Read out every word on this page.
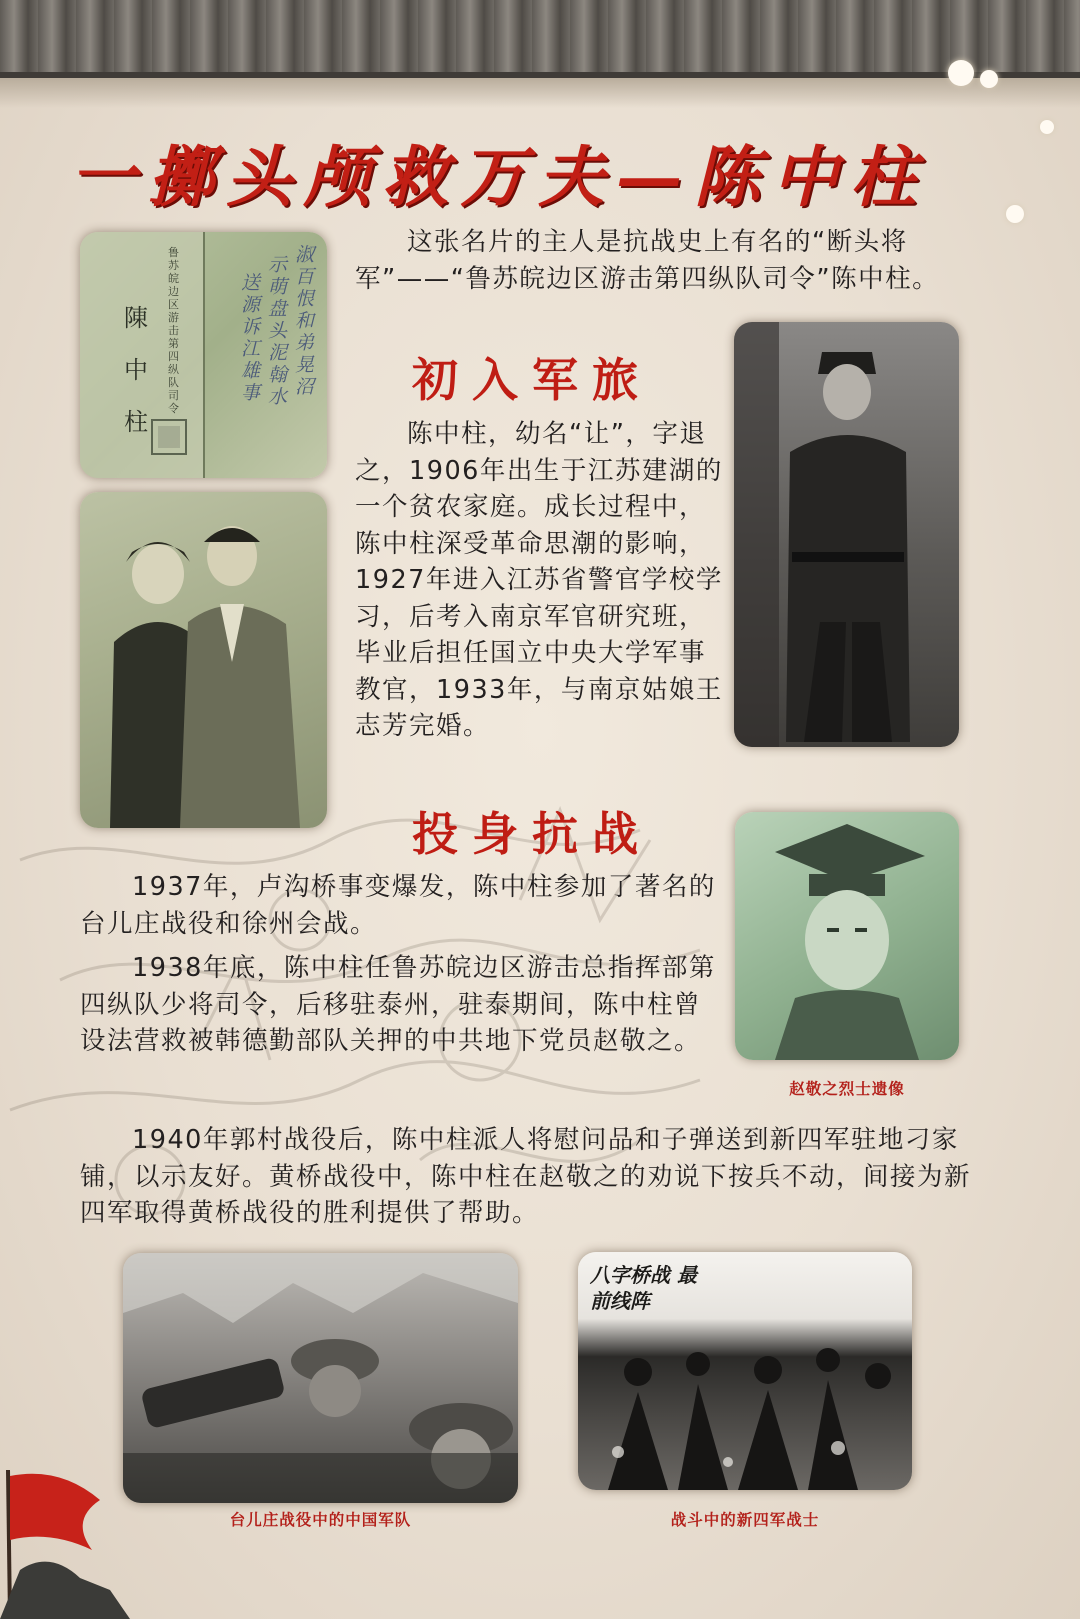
一擲头颅救万夫—陈中柱
鲁苏皖边区游击第四纵队司令
陳
中
柱
淑百恨和弟晃沼
示萌盘头泥翰水
送源诉江雄事

这张名片的主人是抗战史上有名的“断头将军”——“鲁苏皖边区游击第四纵队司令”陈中柱。

初入军旅

陈中柱，幼名“让”，字退之，1906年出生于江苏建湖的一个贫农家庭。成长过程中，陈中柱深受革命思潮的影响，1927年进入江苏省警官学校学习，后考入南京军官研究班，毕业后担任国立中央大学军事教官，1933年，与南京姑娘王志芳完婚。

投身抗战

赵敬之烈士遗像

1937年，卢沟桥事变爆发，陈中柱参加了著名的台儿庄战役和徐州会战。

1938年底，陈中柱任鲁苏皖边区游击总指挥部第四纵队少将司令，后移驻泰州，驻泰期间，陈中柱曾设法营救被韩德勤部队关押的中共地下党员赵敬之。

1940年郭村战役后，陈中柱派人将慰问品和子弹送到新四军驻地刁家铺，以示友好。黄桥战役中，陈中柱在赵敬之的劝说下按兵不动，间接为新四军取得黄桥战役的胜利提供了帮助。

台儿庄战役中的中国军队

八字桥战 最前线阵

战斗中的新四军战士
